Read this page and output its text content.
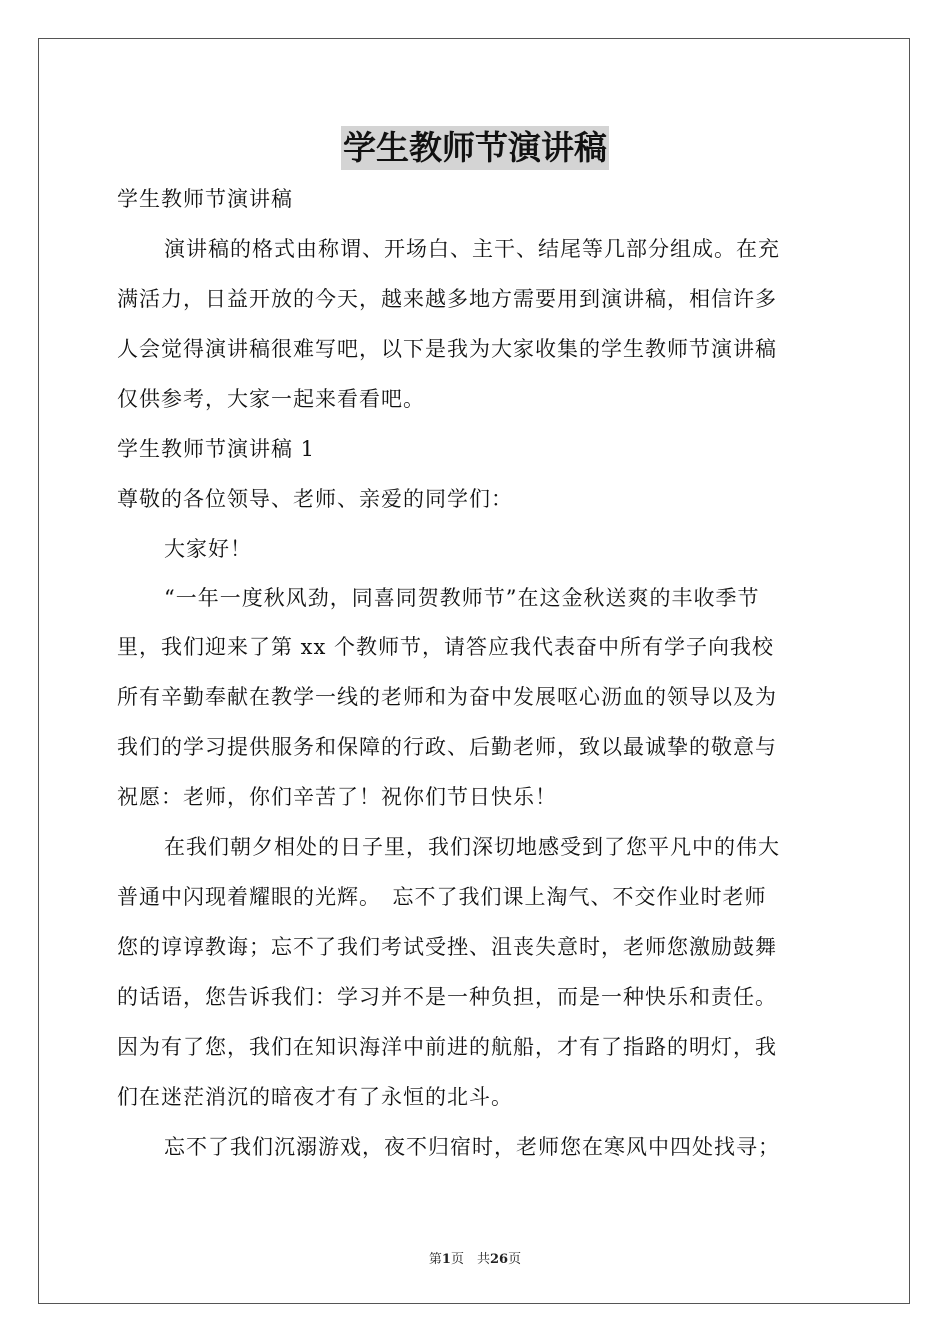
学生教师节演讲稿
学生教师节演讲稿
演讲稿的格式由称谓、开场白、主干、结尾等几部分组成。在充
满活力，日益开放的今天，越来越多地方需要用到演讲稿，相信许多
人会觉得演讲稿很难写吧，以下是我为大家收集的学生教师节演讲稿
仅供参考，大家一起来看看吧。
学生教师节演讲稿 1
尊敬的各位领导、老师、亲爱的同学们：
大家好！
“一年一度秋风劲，同喜同贺教师节”在这金秋送爽的丰收季节
里，我们迎来了第 xx 个教师节，请答应我代表奋中所有学子向我校
所有辛勤奉献在教学一线的老师和为奋中发展呕心沥血的领导以及为
我们的学习提供服务和保障的行政、后勤老师，致以最诚挚的敬意与
祝愿：老师，你们辛苦了！祝你们节日快乐！
在我们朝夕相处的日子里，我们深切地感受到了您平凡中的伟大
普通中闪现着耀眼的光辉。　忘不了我们课上淘气、不交作业时老师
您的谆谆教诲；忘不了我们考试受挫、沮丧失意时，老师您激励鼓舞
的话语，您告诉我们：学习并不是一种负担，而是一种快乐和责任。
因为有了您，我们在知识海洋中前进的航船，才有了指路的明灯，我
们在迷茫消沉的暗夜才有了永恒的北斗。
忘不了我们沉溺游戏，夜不归宿时，老师您在寒风中四处找寻；
第1页　共26页
